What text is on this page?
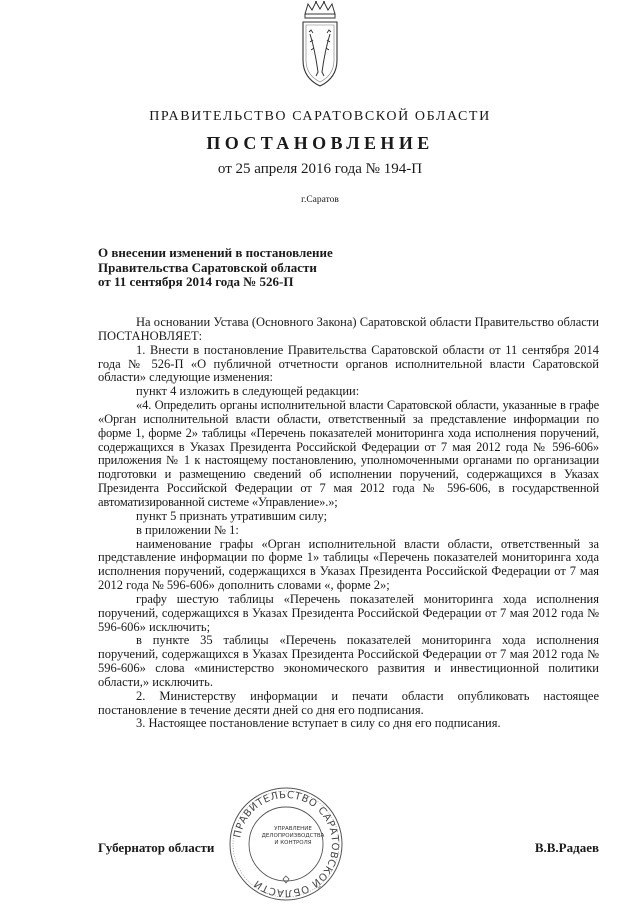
ПРАВИТЕЛЬСТВО САРАТОВСКОЙ ОБЛАСТИ
ПОСТАНОВЛЕНИЕ
от 25 апреля 2016 года № 194-П
г.Саратов
О внесении изменений в постановление
Правительства Саратовской области
от 11 сентября 2014 года № 526-П

На основании Устава (Основного Закона) Саратовской области Правительство области ПОСТАНОВЛЯЕТ:

1. Внести в постановление Правительства Саратовской области от 11 сентября 2014 года № 526-П «О публичной отчетности органов исполнительной власти Саратовской области» следующие изменения:

пункт 4 изложить в следующей редакции:

«4. Определить органы исполнительной власти Саратовской области, указанные в графе «Орган исполнительной власти области, ответственный за представление информации по форме 1, форме 2» таблицы «Перечень показателей мониторинга хода исполнения поручений, содержащихся в Указах Президента Российской Федерации от 7 мая 2012 года № 596-606» приложения № 1 к настоящему постановлению, уполномоченными органами по организации подготовки и размещению сведений об исполнении поручений, содержащихся в Указах Президента Российской Федерации от 7 мая 2012 года № 596-606, в государственной автоматизированной системе «Управление».»;

пункт 5 признать утратившим силу;

в приложении № 1:

наименование графы «Орган исполнительной власти области, ответственный за представление информации по форме 1» таблицы «Перечень показателей мониторинга хода исполнения поручений, содержащихся в Указах Президента Российской Федерации от 7 мая 2012 года № 596-606» дополнить словами «, форме 2»;

графу шестую таблицы «Перечень показателей мониторинга хода исполнения поручений, содержащихся в Указах Президента Российской Федерации от 7 мая 2012 года № 596-606» исключить;

в пункте 35 таблицы «Перечень показателей мониторинга хода исполнения поручений, содержащихся в Указах Президента Российской Федерации от 7 мая 2012 года № 596-606» слова «министерство экономического развития и инвестиционной политики области,» исключить.

2. Министерству информации и печати области опубликовать настоящее постановление в течение десяти дней со дня его подписания.

3. Настоящее постановление вступает в силу со дня его подписания.

ПРАВИТЕЛЬСТВО САРАТОВСКОЙ ОБЛАСТИ
УПРАВЛЕНИЕ
ДЕЛОПРОИЗВОДСТВА
И КОНТРОЛЯ
Губернатор области	В.В.Радаев
